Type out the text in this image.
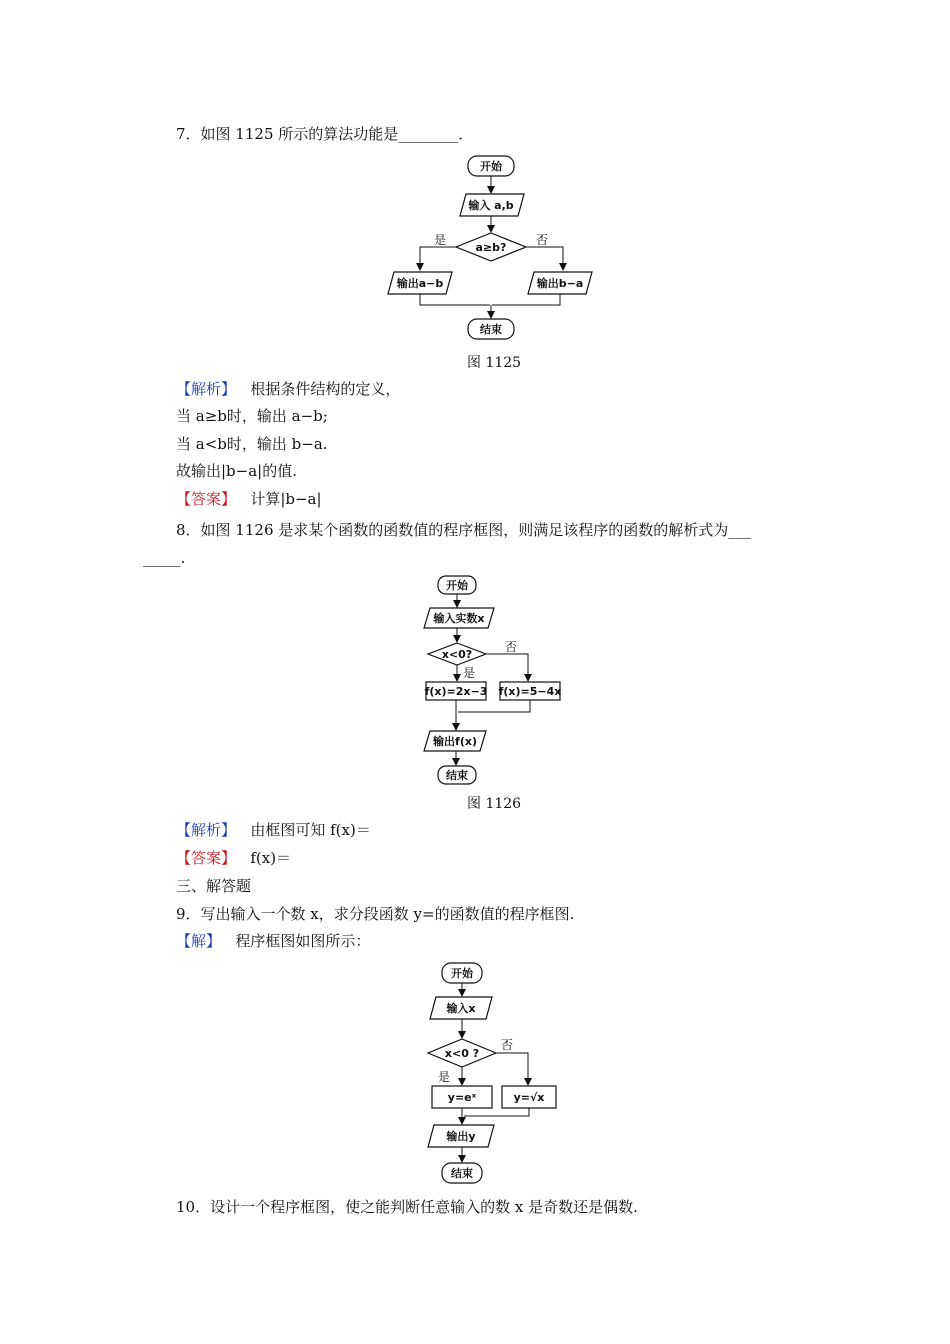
7．如图 1125 所示的算法功能是________．
开始
输入 a,b
a≥b?
是	否
输出a−b	输出b−a
结束
开始
输入实数x
x<0?
是
否
f(x)=2x−3 f(x)=5−4x
输出f(x)
结束
开始
输入x
x<0 ?
是
否
y=eˣ	y=√x
输出y
结束
图 1125
【解析】 根据条件结构的定义，
当 a≥b时，输出 a−b;
当 a<b时，输出 b−a.
故输出|b−a|的值.
【答案】 计算|b−a|
8．如图 1126 是求某个函数的函数值的程序框图，则满足该程序的函数的解析式为___
_____.
图 1126
【解析】 由框图可知 f(x)＝
【答案】 f(x)＝
三、解答题
9．写出输入一个数 x，求分段函数 y=的函数值的程序框图.
【解】 程序框图如图所示：
10．设计一个程序框图，使之能判断任意输入的数 x 是奇数还是偶数.
